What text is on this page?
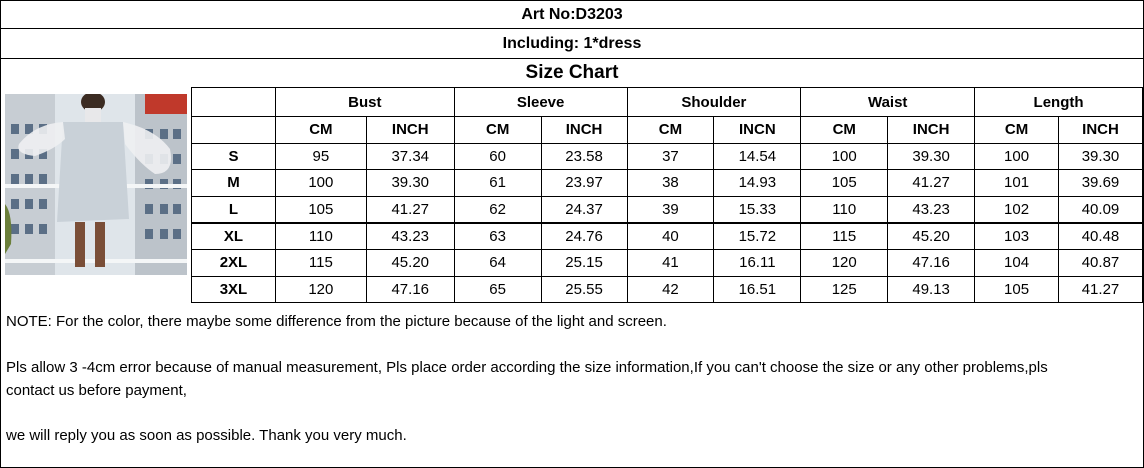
Art No:D3203
Including: 1*dress
Size Chart
	Bust		Sleeve		Shoulder		Waist		Length	
	CM	INCH	CM	INCH	CM	INCN	CM	INCH	CM	INCH
S	95	37.34	60	23.58	37	14.54	100	39.30	100	39.30
M	100	39.30	61	23.97	38	14.93	105	41.27	101	39.69
L	105	41.27	62	24.37	39	15.33	110	43.23	102	40.09
XL	110	43.23	63	24.76	40	15.72	115	45.20	103	40.48
2XL	115	45.20	64	25.15	41	16.11	120	47.16	104	40.87
3XL	120	47.16	65	25.55	42	16.51	125	49.13	105	41.27
NOTE: For the color, there maybe some difference from the picture because of the light and screen.
Pls allow 3 -4cm error because of manual measurement, Pls place order according the size information,If you can't choose the size or any other problems,pls
contact us before payment,
we will reply you as soon as possible. Thank you very much.
